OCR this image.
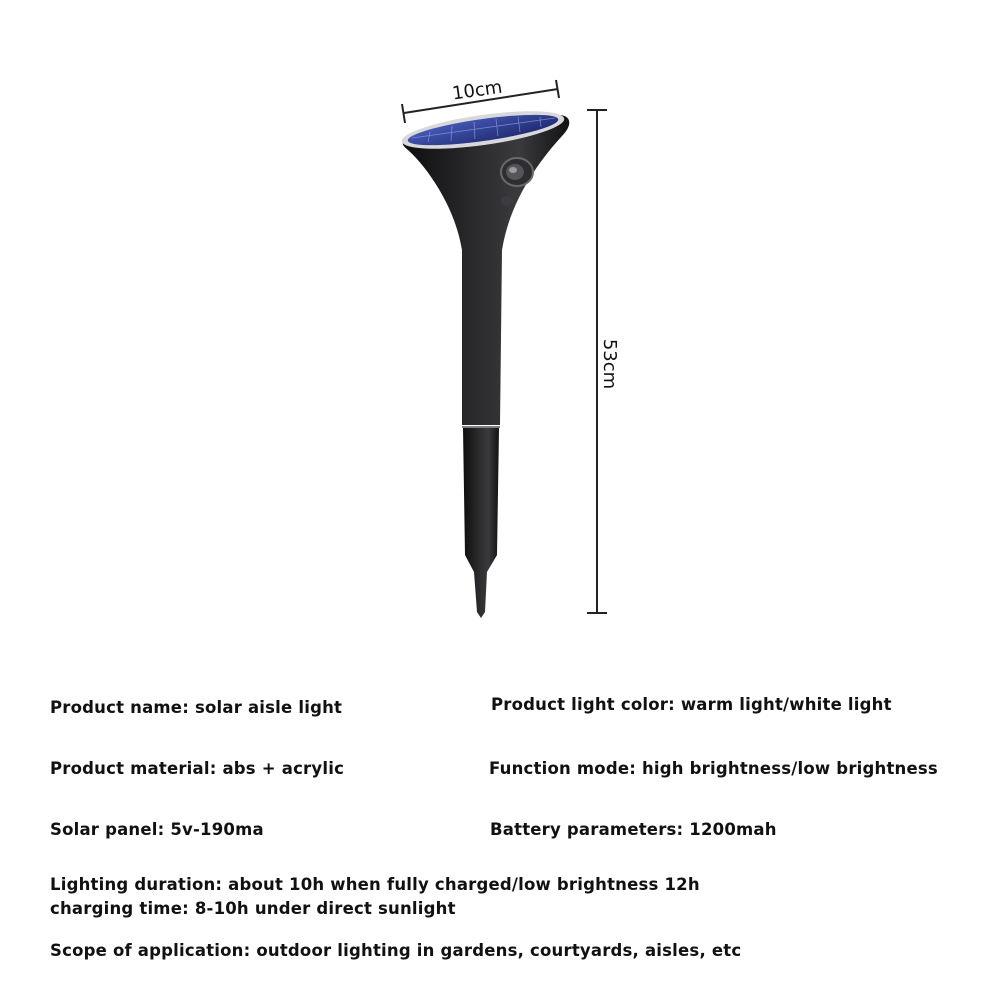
10cm
53cm
Product name: solar aisle light	Product light color: warm light/white light
Product material: abs + acrylic	Function mode: high brightness/low brightness
Solar panel: 5v-190ma	Battery parameters: 1200mah
Lighting duration: about 10h when fully charged/low brightness 12h
charging time: 8-10h under direct sunlight
Scope of application: outdoor lighting in gardens, courtyards, aisles, etc
